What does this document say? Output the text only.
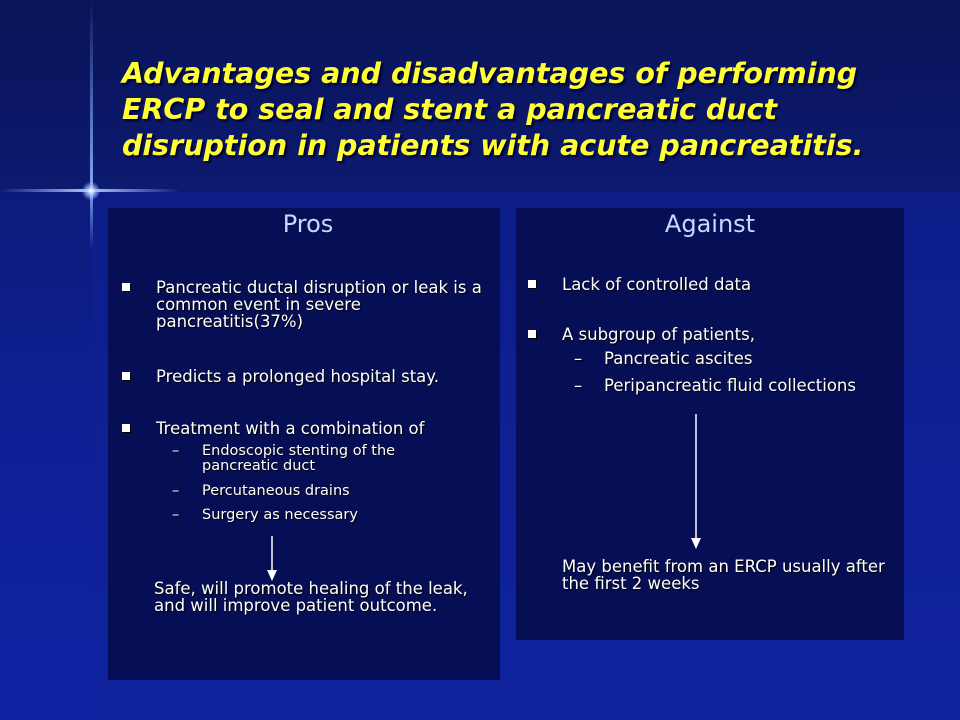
Advantages and disadvantages of performing ERCP to seal and stent a pancreatic duct disruption in patients with acute pancreatitis.
Pros
Pancreatic ductal disruption or leak is a common event in severe pancreatitis(37%)
Predicts a prolonged hospital stay.
Treatment with a combination of
–	Endoscopic stenting of the pancreatic duct
–	Percutaneous drains
–	Surgery as necessary
Safe, will promote healing of the leak, and will improve patient outcome.
Against
Lack of controlled data
A subgroup of patients,
–	Pancreatic ascites
–	Peripancreatic fluid collections
May benefit from an ERCP usually after the first 2 weeks
